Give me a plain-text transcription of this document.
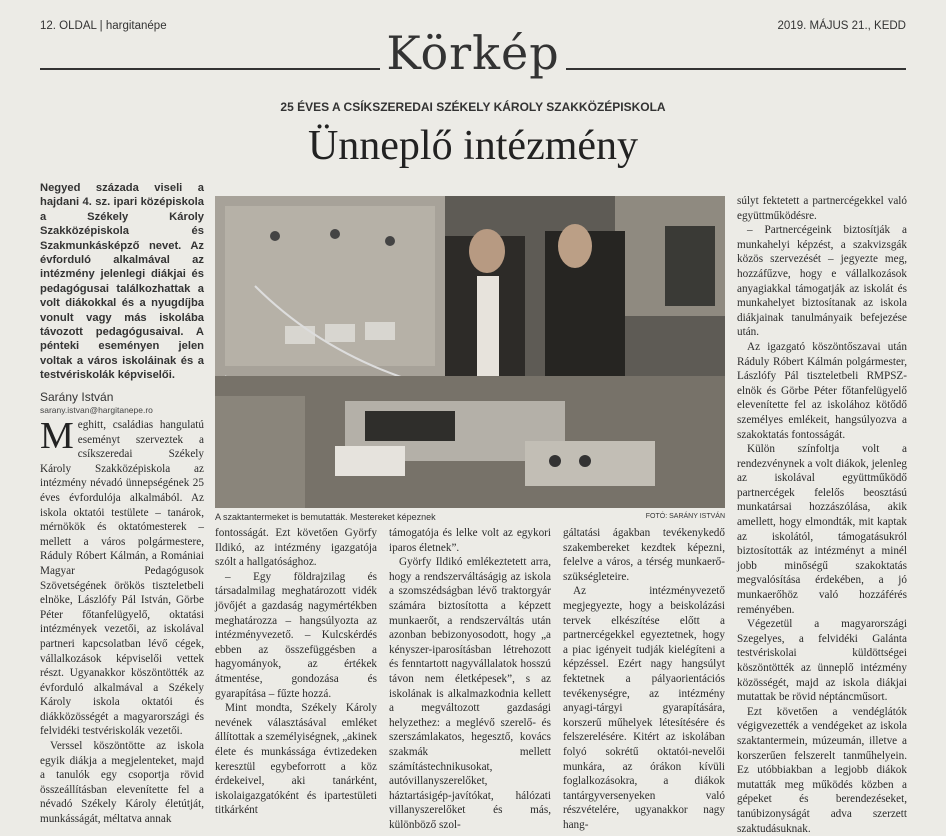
12. OLDAL | hargitanépe	2019. MÁJUS 21., KEDD
Körkép
25 ÉVES A CSÍKSZEREDAI SZÉKELY KÁROLY SZAKKÖZÉPISKOLA
Ünneplő intézmény
Negyed százada viseli a hajdani 4. sz. ipari középiskola a Székely Károly Szakközépiskola és Szakmunkásképző nevet. Az évforduló alkalmával az intézmény jelenlegi diákjai és pedagógusai találkozhattak a volt diákokkal és a nyugdíjba vonult vagy más iskolába távozott pedagógusaival. A pénteki eseményen jelen voltak a város iskoláinak és a testvériskolák képviselői.
Sarány István
sarany.istvan@hargitanepe.ro

Meghitt, családias hangulatú eseményt szerveztek a csíkszeredai Székely Károly Szakközépiskola az intézmény névadó ünnepségének 25 éves évfordulója alkalmából. Az iskola oktatói testülete – tanárok, mérnökök és oktatómesterek – mellett a város polgármestere, Ráduly Róbert Kálmán, a Romániai Magyar Pedagógusok Szövetségének örökös tiszteletbeli elnöke, Lászlófy Pál István, Görbe Péter főtanfelügyelő, oktatási intézmények vezetői, az iskolával partneri kapcsolatban lévő cégek, vállalkozások képviselői vettek részt. Ugyanakkor köszöntötték az évforduló alkalmával a Székely Károly iskola oktatói és diákközösségét a magyarországi és felvidéki testvériskolák vezetői.

Verssel köszöntötte az iskola egyik diákja a megjelenteket, majd a tanulók egy csoportja rövid összeállításban elevenítette fel a névadó Székely Károly életútját, munkásságát, méltatva annak

A szaktantermeket is bemutatták. Mestereket képeznek	FOTÓ: SARÁNY ISTVÁN

fontosságát. Ezt követően Györfy Ildikó, az intézmény igazgatója szólt a hallgatósághoz.

– Egy földrajzilag és társadalmilag meghatározott vidék jövőjét a gazdaság nagymértékben meghatározza – hangsúlyozta az intézményvezető. – Kulcskérdés ebben az összefüggésben a hagyományok, az értékek átmentése, gondozása és gyarapítása – fűzte hozzá.

Mint mondta, Székely Károly nevének választásával emléket állítottak a személyiségnek, „akinek élete és munkássága évtizedeken keresztül egybeforrott a köz érdekeivel, aki tanárként, iskolaigazgatóként és ipartestületi titkárként

támogatója és lelke volt az egykori iparos életnek”.

Györfy Ildikó emlékeztetett arra, hogy a rendszerváltáságig az iskola a szomszédságban lévő traktorgyár számára biztosította a képzett munkaerőt, a rendszerváltás után azonban bebizonyosodott, hogy „a kényszer-iparosításban létrehozott és fenntartott nagyvállalatok hosszú távon nem életképesek”, s az iskolának is alkalmazkodnia kellett a megváltozott gazdasági helyzethez: a meglévő szerelő- és szerszámlakatos, hegesztő, kovács szakmák mellett számítástechnikusokat, autóvillanyszerelőket, háztartásigép-javítókat, hálózati villanyszerelőket és más, különböző szol-

gáltatási ágakban tevékenykedő szakembereket kezdtek képezni, felelve a város, a térség munkaerő-szükségleteire.

Az intézményvezető megjegyezte, hogy a beiskolázási tervek elkészítése előtt a partnercégekkel egyeztetnek, hogy a piac igényeit tudják kielégíteni a képzéssel. Ezért nagy hangsúlyt fektetnek a pályaorientációs tevékenységre, az intézmény anyagi-tárgyi gyarapítására, korszerű műhelyek létesítésére és felszerelésére. Kitért az iskolában folyó sokrétű oktatói-nevelői munkára, az órákon kívüli foglalkozásokra, a diákok tantárgyversenyeken való részvételére, ugyanakkor nagy hang-

súlyt fektetett a partnercégekkel való együttműködésre.

– Partnercégeink biztosítják a munkahelyi képzést, a szakvizsgák közös szervezését – jegyezte meg, hozzáfűzve, hogy e vállalkozások anyagiakkal támogatják az iskolát és munkahelyet biztosítanak az iskola diákjainak tanulmányaik befejezése után.

Az igazgató köszöntőszavai után Ráduly Róbert Kálmán polgármester, Lászlófy Pál tiszteletbeli RMPSZ-elnök és Görbe Péter főtanfelügyelő elevenítette fel az iskolához kötődő személyes emlékeit, hangsúlyozva a szakoktatás fontosságát.

Külön színfoltja volt a rendezvénynek a volt diákok, jelenleg az iskolával együttműködő partnercégek felelős beosztású munkatársai hozzászólása, akik amellett, hogy elmondták, mit kaptak az iskolától, támogatásukról biztosították az intézményt a minél jobb minőségű szakoktatás megvalósítása érdekében, a jó munkaerőhöz való hozzáférés reményében.

Végezetül a magyarországi Szegelyes, a felvidéki Galánta testvériskolai küldöttségei köszöntötték az ünneplő intézmény közösségét, majd az iskola diákjai mutattak be rövid néptáncműsort.

Ezt követően a vendéglátók végigvezették a vendégeket az iskola szaktantermein, múzeumán, illetve a korszerűen felszerelt tanműhelyein. Ez utóbbiakban a legjobb diákok mutatták meg működés közben a gépeket és berendezéseket, tanúbizonyságát adva szerzett szaktudásuknak.
